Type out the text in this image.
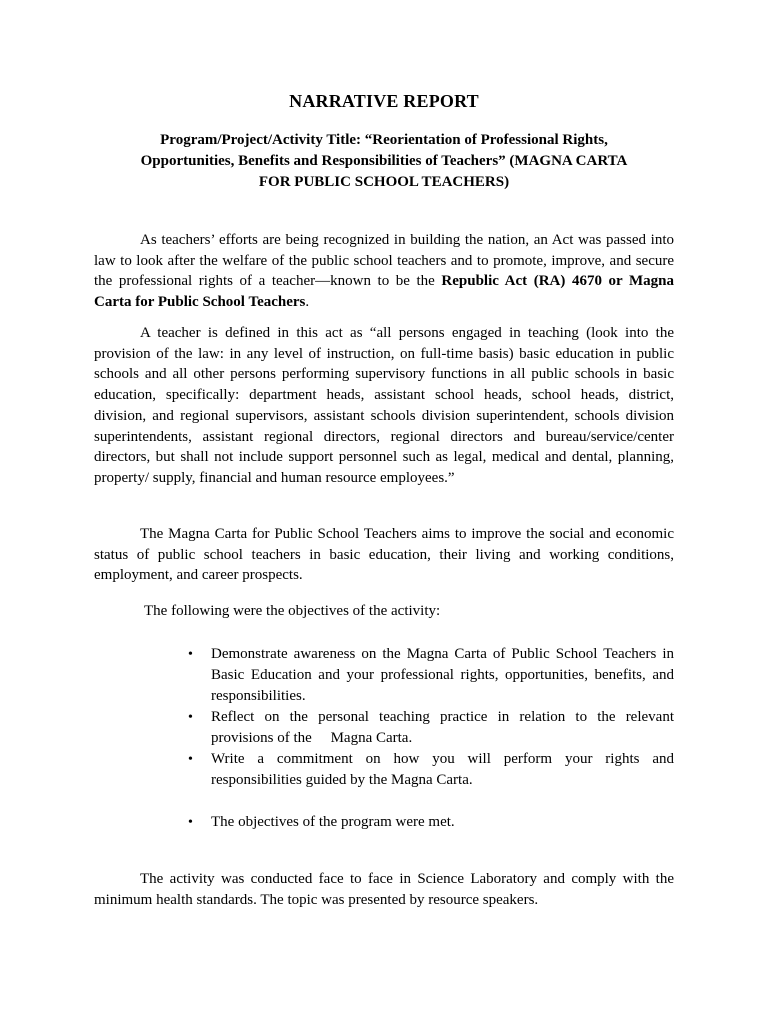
NARRATIVE REPORT
Program/Project/Activity Title: “Reorientation of Professional Rights,
Opportunities, Benefits and Responsibilities of Teachers” (MAGNA CARTA
FOR PUBLIC SCHOOL TEACHERS)

As teachers’ efforts are being recognized in building the nation, an Act was passed into law to look after the welfare of the public school teachers and to promote, improve, and secure the professional rights of a teacher—known to be the Republic Act (RA) 4670 or Magna Carta for Public School Teachers.

A teacher is defined in this act as “all persons engaged in teaching (look into the provision of the law: in any level of instruction, on full-time basis) basic education in public schools and all other persons performing supervisory functions in all public schools in basic education, specifically: department heads, assistant school heads, school heads, district, division, and regional supervisors, assistant schools division superintendent, schools division superintendents, assistant regional directors, regional directors and bureau/service/center directors, but shall not include support personnel such as legal, medical and dental, planning, property/ supply, financial and human resource employees.”

The Magna Carta for Public School Teachers aims to improve the social and economic status of public school teachers in basic education, their living and working conditions, employment, and career prospects.

The following were the objectives of the activity:

• Demonstrate awareness on the Magna Carta of Public School Teachers in Basic Education and your professional rights, opportunities, benefits, and responsibilities.
• Reflect on the personal teaching practice in relation to the relevant provisions of the     Magna Carta.
• Write a commitment on how you will perform your rights and responsibilities guided by the Magna Carta.
• The objectives of the program were met.

The activity was conducted face to face in Science Laboratory and comply with the minimum health standards. The topic was presented by resource speakers.
